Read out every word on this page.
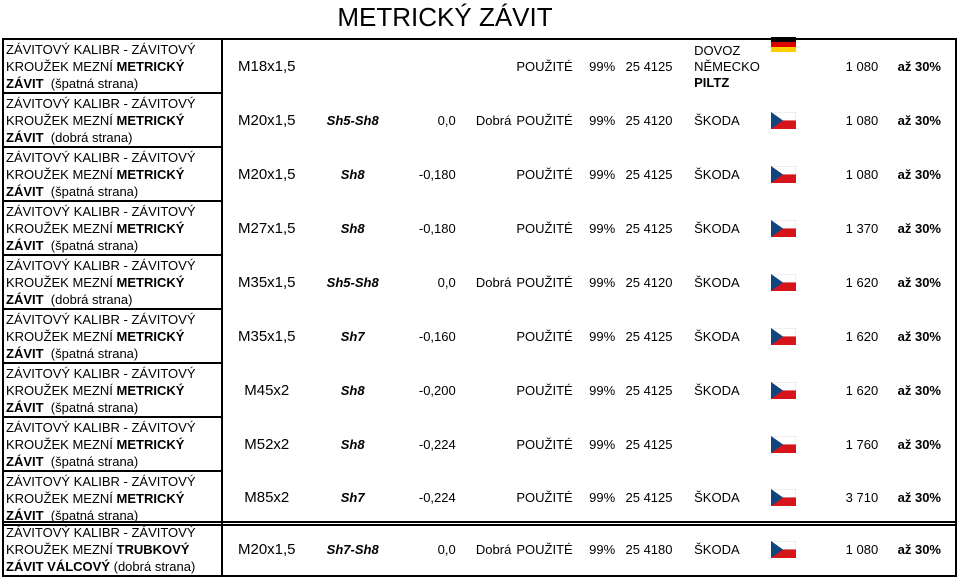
METRICKÝ ZÁVIT
ZÁVITOVÝ KALIBR - ZÁVITOVÝ
KROUŽEK MEZNÍ METRICKÝ
ZÁVIT (špatná strana)	M18x1,5				POUŽITÉ	99%	25 4125	DOVOZ
NĚMECKO
PILTZ		1 080	až 30%
ZÁVITOVÝ KALIBR - ZÁVITOVÝ
KROUŽEK MEZNÍ METRICKÝ
ZÁVIT (dobrá strana)	M20x1,5	Sh5-Sh8	0,0	Dobrá	POUŽITÉ	99%	25 4120	ŠKODA		1 080	až 30%
ZÁVITOVÝ KALIBR - ZÁVITOVÝ
KROUŽEK MEZNÍ METRICKÝ
ZÁVIT (špatná strana)	M20x1,5	Sh8	-0,180		POUŽITÉ	99%	25 4125	ŠKODA		1 080	až 30%
ZÁVITOVÝ KALIBR - ZÁVITOVÝ
KROUŽEK MEZNÍ METRICKÝ
ZÁVIT (špatná strana)	M27x1,5	Sh8	-0,180		POUŽITÉ	99%	25 4125	ŠKODA		1 370	až 30%
ZÁVITOVÝ KALIBR - ZÁVITOVÝ
KROUŽEK MEZNÍ METRICKÝ
ZÁVIT (dobrá strana)	M35x1,5	Sh5-Sh8	0,0	Dobrá	POUŽITÉ	99%	25 4120	ŠKODA		1 620	až 30%
ZÁVITOVÝ KALIBR - ZÁVITOVÝ
KROUŽEK MEZNÍ METRICKÝ
ZÁVIT (špatná strana)	M35x1,5	Sh7	-0,160		POUŽITÉ	99%	25 4125	ŠKODA		1 620	až 30%
ZÁVITOVÝ KALIBR - ZÁVITOVÝ
KROUŽEK MEZNÍ METRICKÝ
ZÁVIT (špatná strana)	M45x2	Sh8	-0,200		POUŽITÉ	99%	25 4125	ŠKODA		1 620	až 30%
ZÁVITOVÝ KALIBR - ZÁVITOVÝ
KROUŽEK MEZNÍ METRICKÝ
ZÁVIT (špatná strana)	M52x2	Sh8	-0,224		POUŽITÉ	99%	25 4125			1 760	až 30%
ZÁVITOVÝ KALIBR - ZÁVITOVÝ
KROUŽEK MEZNÍ METRICKÝ
ZÁVIT (špatná strana)	M85x2	Sh7	-0,224		POUŽITÉ	99%	25 4125	ŠKODA		3 710	až 30%
ZÁVITOVÝ KALIBR - ZÁVITOVÝ
KROUŽEK MEZNÍ TRUBKOVÝ
ZÁVIT VÁLCOVÝ (dobrá strana)	M20x1,5	Sh7-Sh8	0,0	Dobrá	POUŽITÉ	99%	25 4180	ŠKODA		1 080	až 30%
